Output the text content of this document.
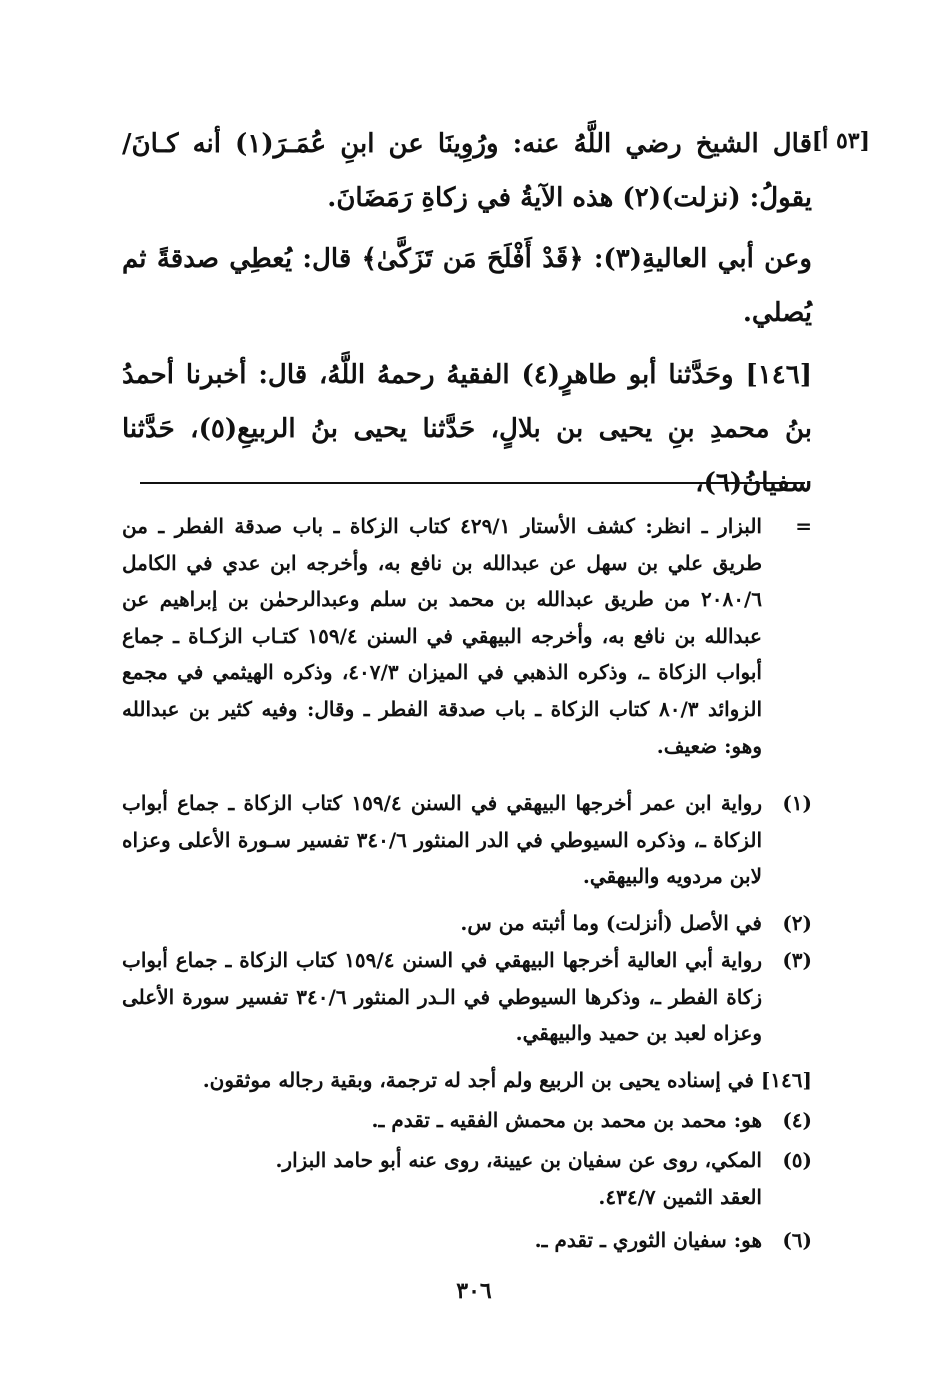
[٥٣ أ]
قال الشيخ رضي اللَّهُ عنه: ورُوِينَا عن ابنِ عُمَـرَ(١) أنه كـانَ/ يقولُ: (نزلت)(٢) هذه الآيةُ في زكاةِ رَمَضَانَ.
وعن أبي العاليةِ(٣): ﴿قَدْ أَفْلَحَ مَن تَزَكَّىٰ﴾ قال: يُعطِي صدقةً ثم يُصلي.
[١٤٦] وحَدَّثنا أبو طاهرٍ(٤) الفقيهُ رحمهُ اللَّهُ، قال: أخبرنا أحمدُ بنُ محمدِ بنِ يحيى بن بلالٍ، حَدَّثنا يحيى بنُ الربيعِ(٥)، حَدَّثنا سفيانُ(٦)،
=
البزار ـ انظر: كشف الأستار ٤٢٩/١ كتاب الزكاة ـ باب صدقة الفطر ـ من طريق علي بن سهل عن عبدالله بن نافع به، وأخرجه ابن عدي في الكامل ٢٠٨٠/٦ من طريق عبدالله بن محمد بن سلم وعبدالرحمٰن بن إبراهيم عن عبدالله بن نافع به، وأخرجه البيهقي في السنن ١٥٩/٤ كتـاب الزكـاة ـ جماع أبواب الزكاة ـ، وذكره الذهبي في الميزان ٤٠٧/٣، وذكره الهيثمي في مجمع الزوائد ٨٠/٣ كتاب الزكاة ـ باب صدقة الفطر ـ وقال: وفيه كثير بن عبدالله وهو: ضعيف.
(١)
رواية ابن عمر أخرجها البيهقي في السنن ١٥٩/٤ كتاب الزكاة ـ جماع أبواب الزكاة ـ، وذكره السيوطي في الدر المنثور ٣٤٠/٦ تفسير سـورة الأعلى وعزاه لابن مردويه والبيهقي.
(٢)
في الأصل (أنزلت) وما أثبته من س.
(٣)
رواية أبي العالية أخرجها البيهقي في السنن ١٥٩/٤ كتاب الزكاة ـ جماع أبواب زكاة الفطر ـ، وذكرها السيوطي في الـدر المنثور ٣٤٠/٦ تفسير سورة الأعلى وعزاه لعبد بن حميد والبيهقي.
[١٤٦]
في إسناده يحيى بن الربيع ولم أجد له ترجمة، وبقية رجاله موثقون.
(٤)
هو: محمد بن محمد بن محمش الفقيه ـ تقدم ـ.
(٥)
المكي، روى عن سفيان بن عيينة، روى عنه أبو حامد البزار. العقد الثمين ٤٣٤/٧.
(٦)
هو: سفيان الثوري ـ تقدم ـ.
٣٠٦
